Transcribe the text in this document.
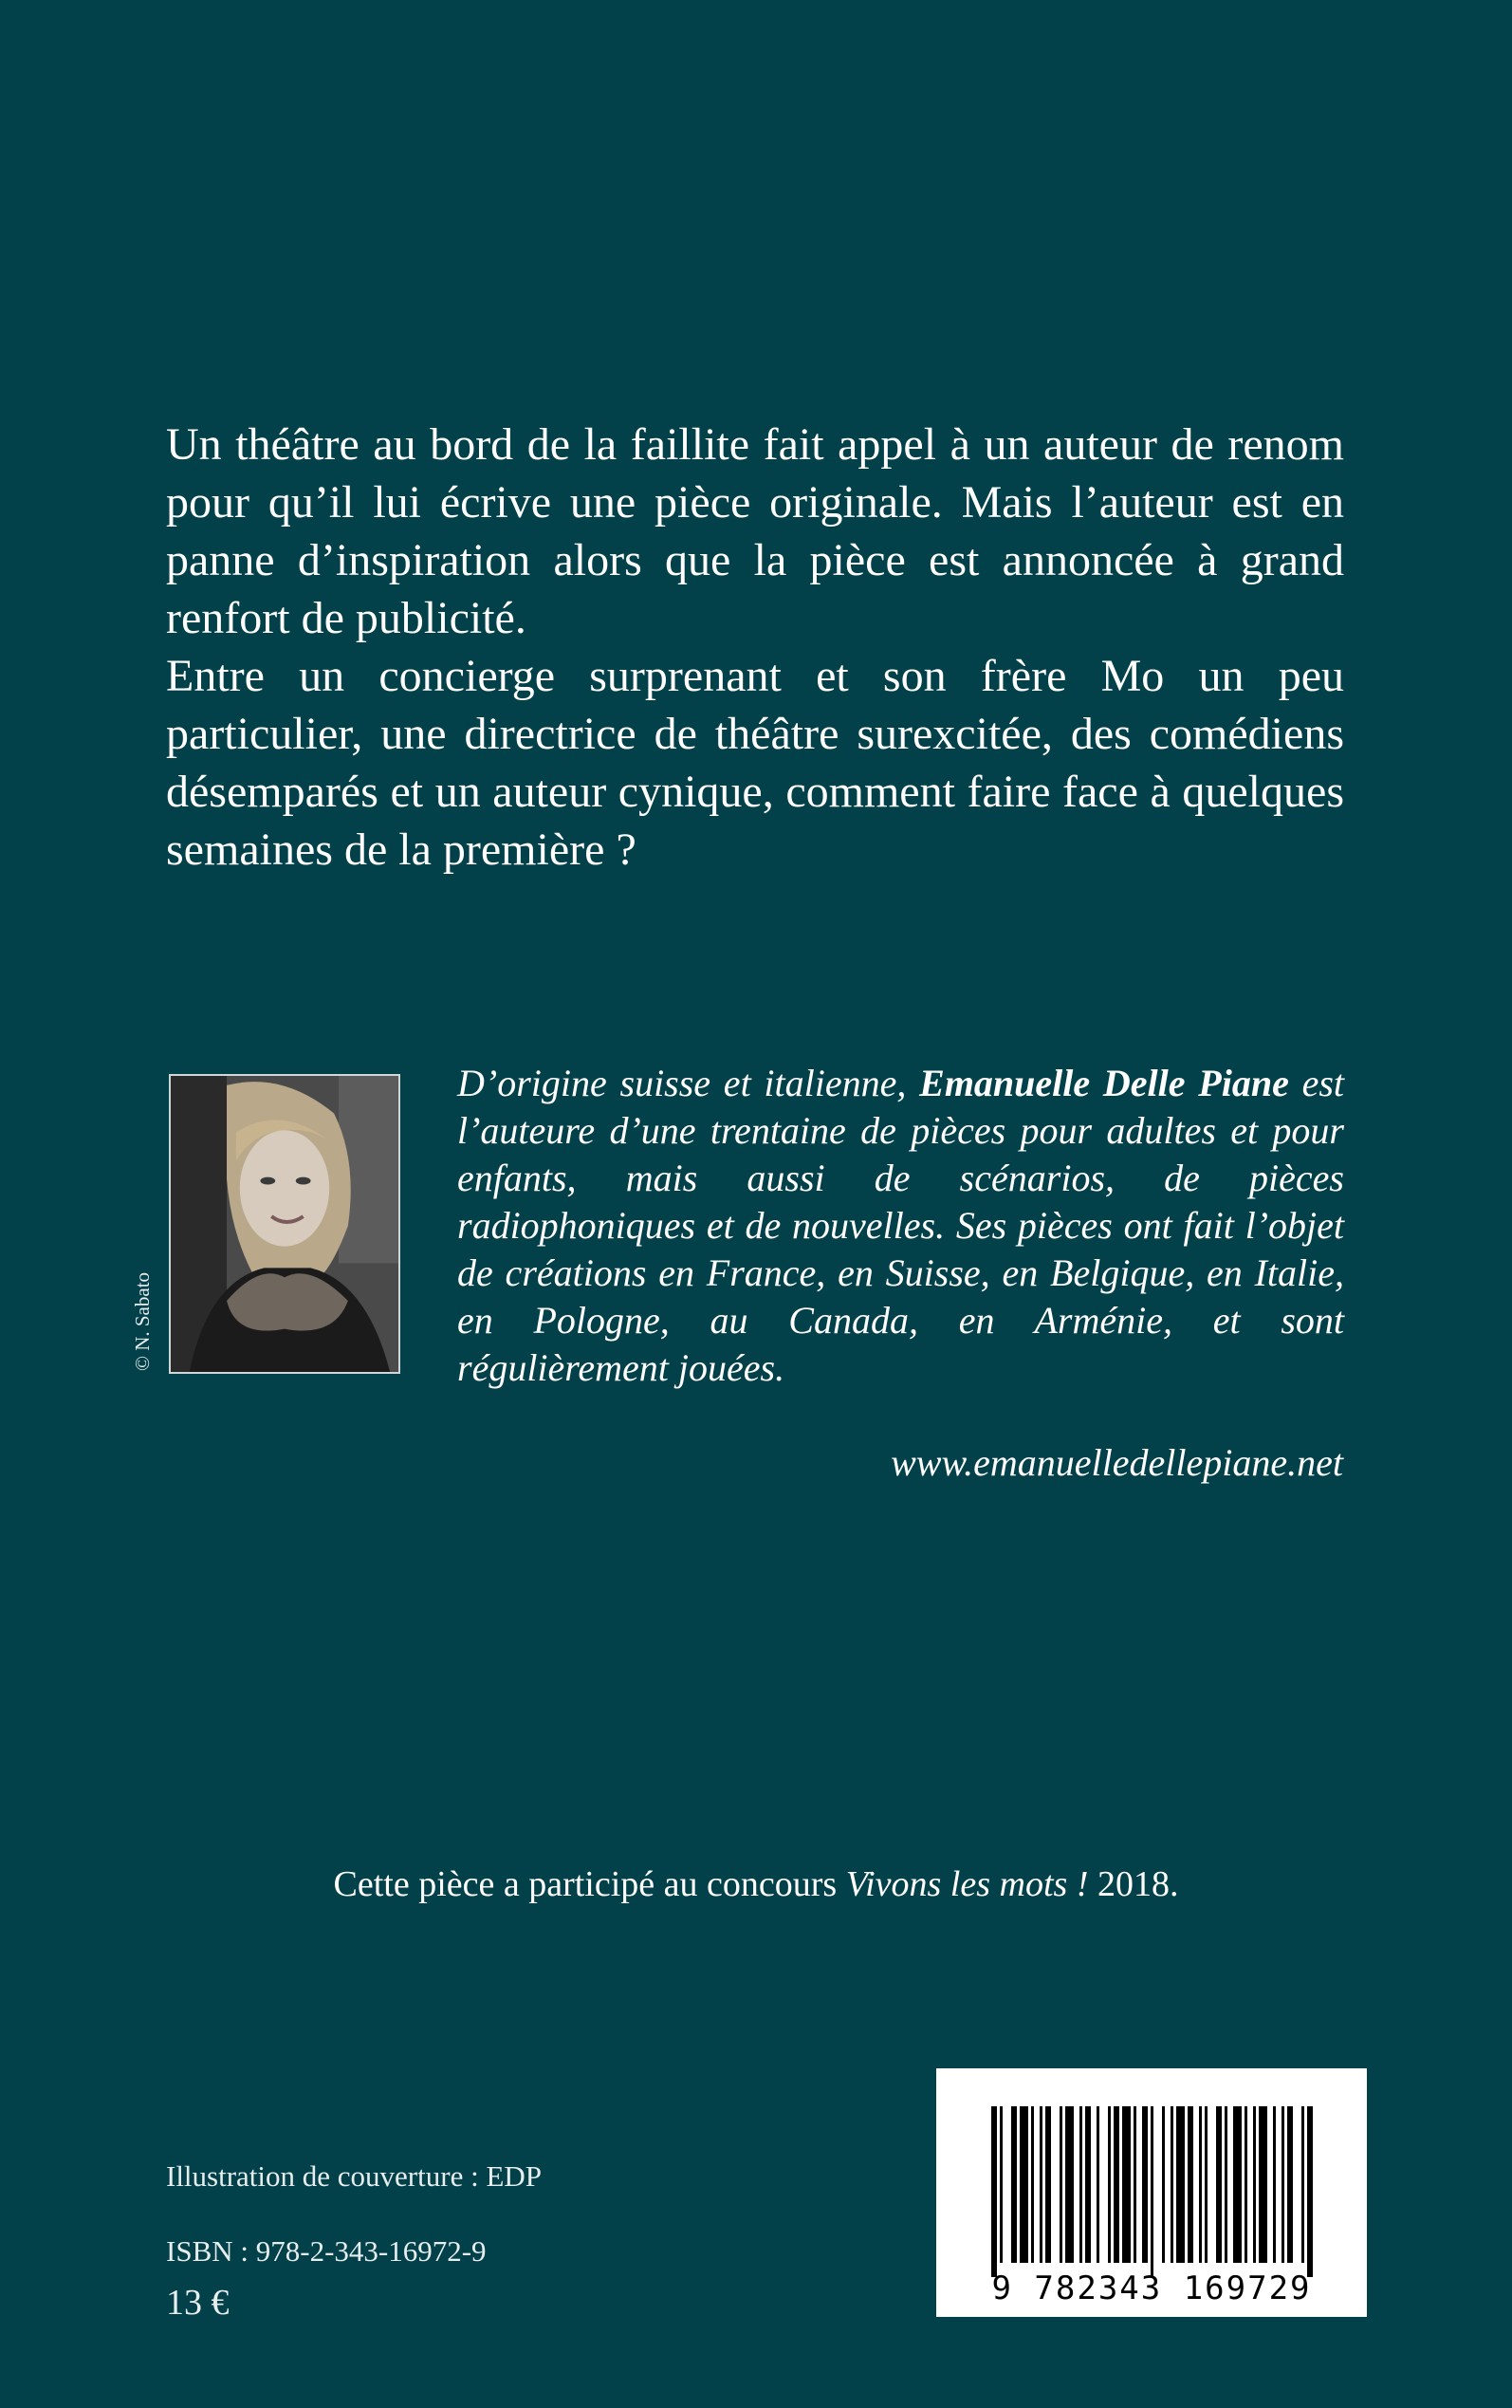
Un théâtre au bord de la faillite fait appel à un auteur de renom pour qu’il lui écrive une pièce originale. Mais l’auteur est en panne d’inspiration alors que la pièce est annoncée à grand renfort de publicité.

Entre un concierge surprenant et son frère Mo un peu particulier, une directrice de théâtre surexcitée, des comédiens désemparés et un auteur cynique, comment faire face à quelques semaines de la première ?

© N. Sabato

D’origine suisse et italienne, Emanuelle Delle Piane est l’auteure d’une trentaine de pièces pour adultes et pour enfants, mais aussi de scénarios, de pièces radiophoniques et de nouvelles. Ses pièces ont fait l’objet de créations en France, en Suisse, en Belgique, en Italie, en Pologne, au Canada, en Arménie, et sont régulièrement jouées.

www.emanuelledellepiane.net
Cette pièce a participé au concours Vivons les mots ! 2018.
Illustration de couverture : EDP
ISBN : 978-2-343-16972-9
13 €	9 782343 169729
